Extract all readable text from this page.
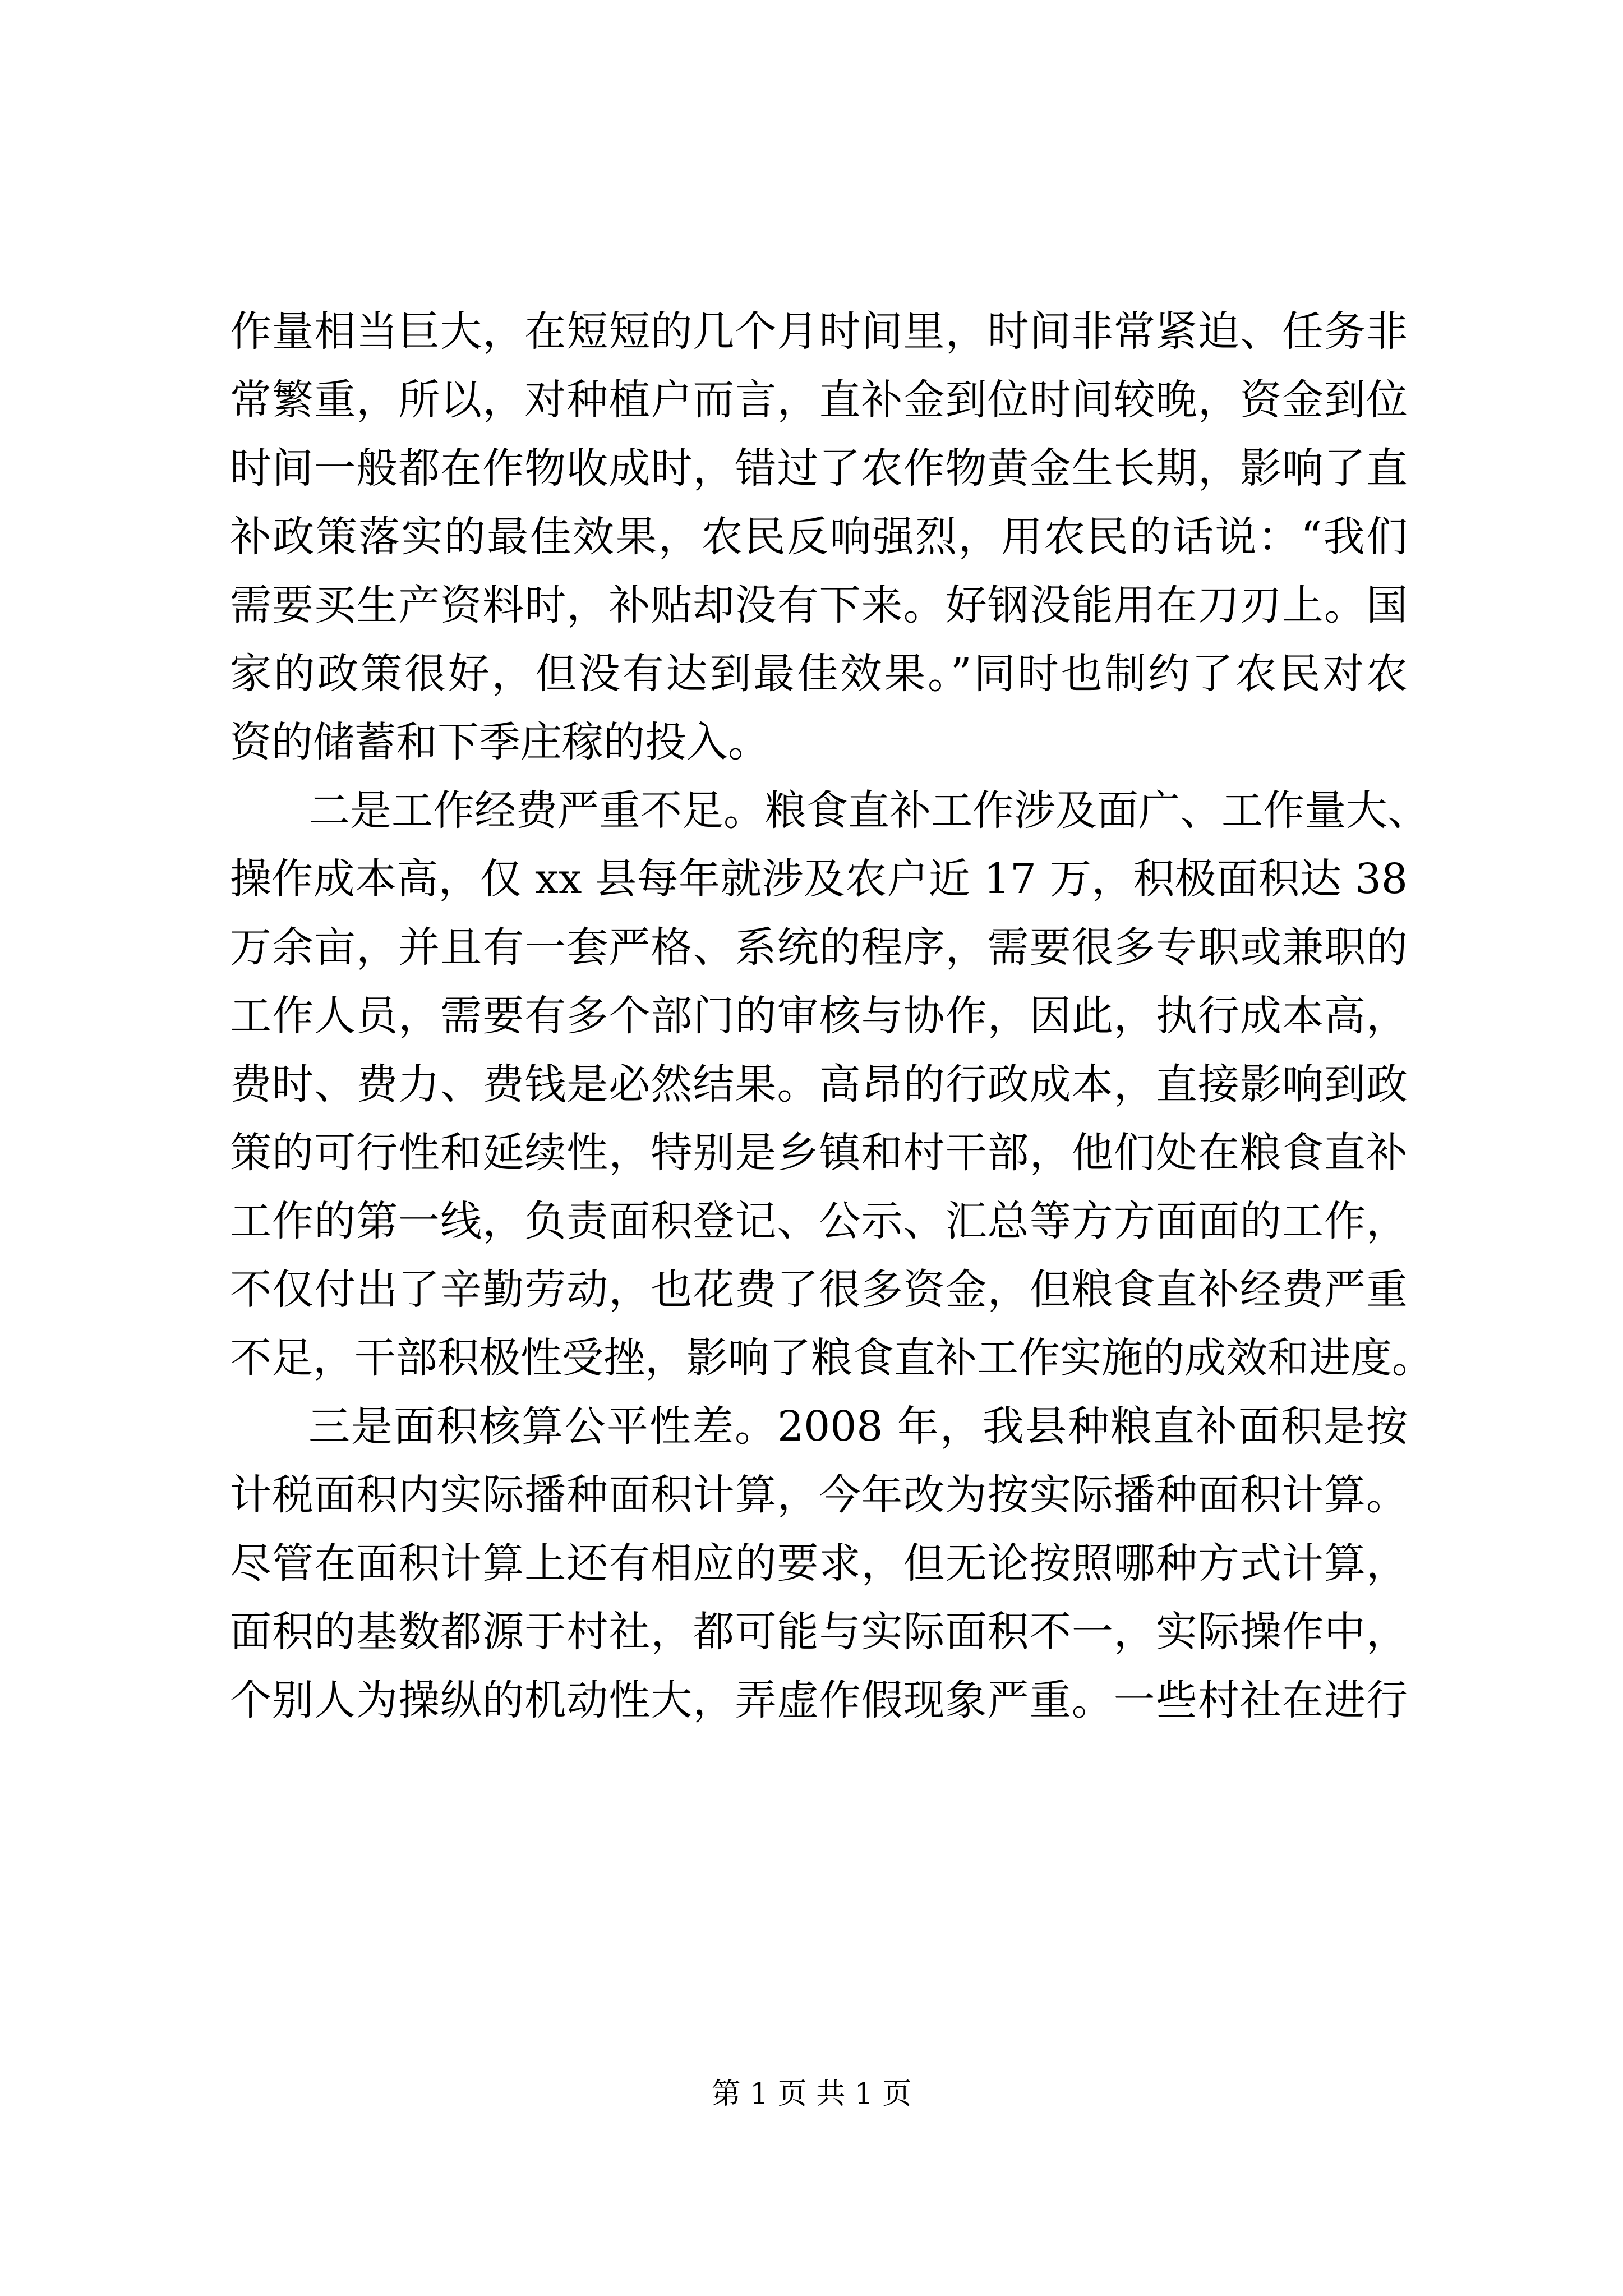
作量相当巨大，在短短的几个月时间里，时间非常紧迫、任务非
常繁重，所以，对种植户而言，直补金到位时间较晚，资金到位
时间一般都在作物收成时，错过了农作物黄金生长期，影响了直
补政策落实的最佳效果，农民反响强烈，用农民的话说：“我们
需要买生产资料时，补贴却没有下来。好钢没能用在刀刃上。国
家的政策很好，但没有达到最佳效果。”同时也制约了农民对农
资的储蓄和下季庄稼的投入。
二是工作经费严重不足。粮食直补工作涉及面广、工作量大、
操作成本高，仅 xx 县每年就涉及农户近 17 万，积极面积达 38
万余亩，并且有一套严格、系统的程序，需要很多专职或兼职的
工作人员，需要有多个部门的审核与协作，因此，执行成本高，
费时、费力、费钱是必然结果。高昂的行政成本，直接影响到政
策的可行性和延续性，特别是乡镇和村干部，他们处在粮食直补
工作的第一线，负责面积登记、公示、汇总等方方面面的工作，
不仅付出了辛勤劳动，也花费了很多资金，但粮食直补经费严重
不足，干部积极性受挫，影响了粮食直补工作实施的成效和进度。
三是面积核算公平性差。2008 年，我县种粮直补面积是按
计税面积内实际播种面积计算，今年改为按实际播种面积计算。
尽管在面积计算上还有相应的要求，但无论按照哪种方式计算，
面积的基数都源于村社，都可能与实际面积不一，实际操作中，
个别人为操纵的机动性大，弄虚作假现象严重。一些村社在进行
第 1 页 共 1 页
